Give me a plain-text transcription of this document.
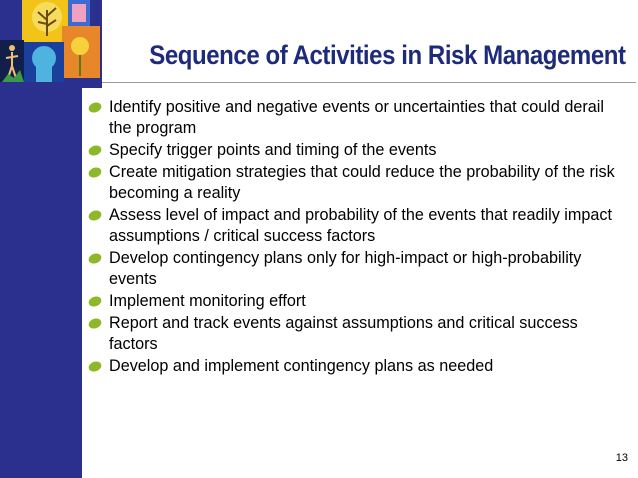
Sequence of Activities in Risk Management
Identify positive and negative events or uncertainties that could derail the program
Specify trigger points and timing of the events
Create mitigation strategies that could reduce the probability of the risk becoming a reality
Assess level of impact and probability of the events that readily impact assumptions / critical success factors
Develop contingency plans only for high-impact or high-probability events
Implement monitoring effort
Report and track events against assumptions and critical success factors
Develop and implement contingency plans as needed
13
